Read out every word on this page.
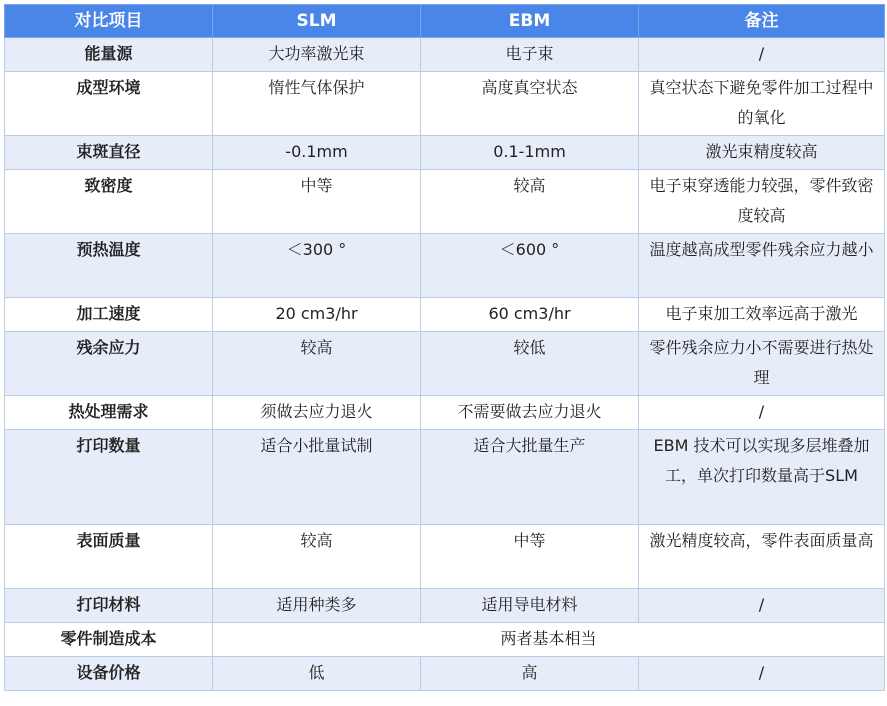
对比项目	SLM	EBM	备注
能量源	大功率激光束	电子束	/
成型环境	惰性气体保护	高度真空状态	真空状态下避免零件加工过程中的氧化
束斑直径	-0.1mm	0.1-1mm	激光束精度较高
致密度	中等	较高	电子束穿透能力较强，零件致密度较高
预热温度	＜300 °	＜600 °	温度越高成型零件残余应力越小
加工速度	20 cm3/hr	60 cm3/hr	电子束加工效率远高于激光
残余应力	较高	较低	零件残余应力小不需要进行热处理
热处理需求	须做去应力退火	不需要做去应力退火	/
打印数量	适合小批量试制	适合大批量生产	EBM 技术可以实现多层堆叠加工，单次打印数量高于SLM
表面质量	较高	中等	激光精度较高，零件表面质量高
打印材料	适用种类多	适用导电材料	/
零件制造成本	两者基本相当		
设备价格	低	高	/
